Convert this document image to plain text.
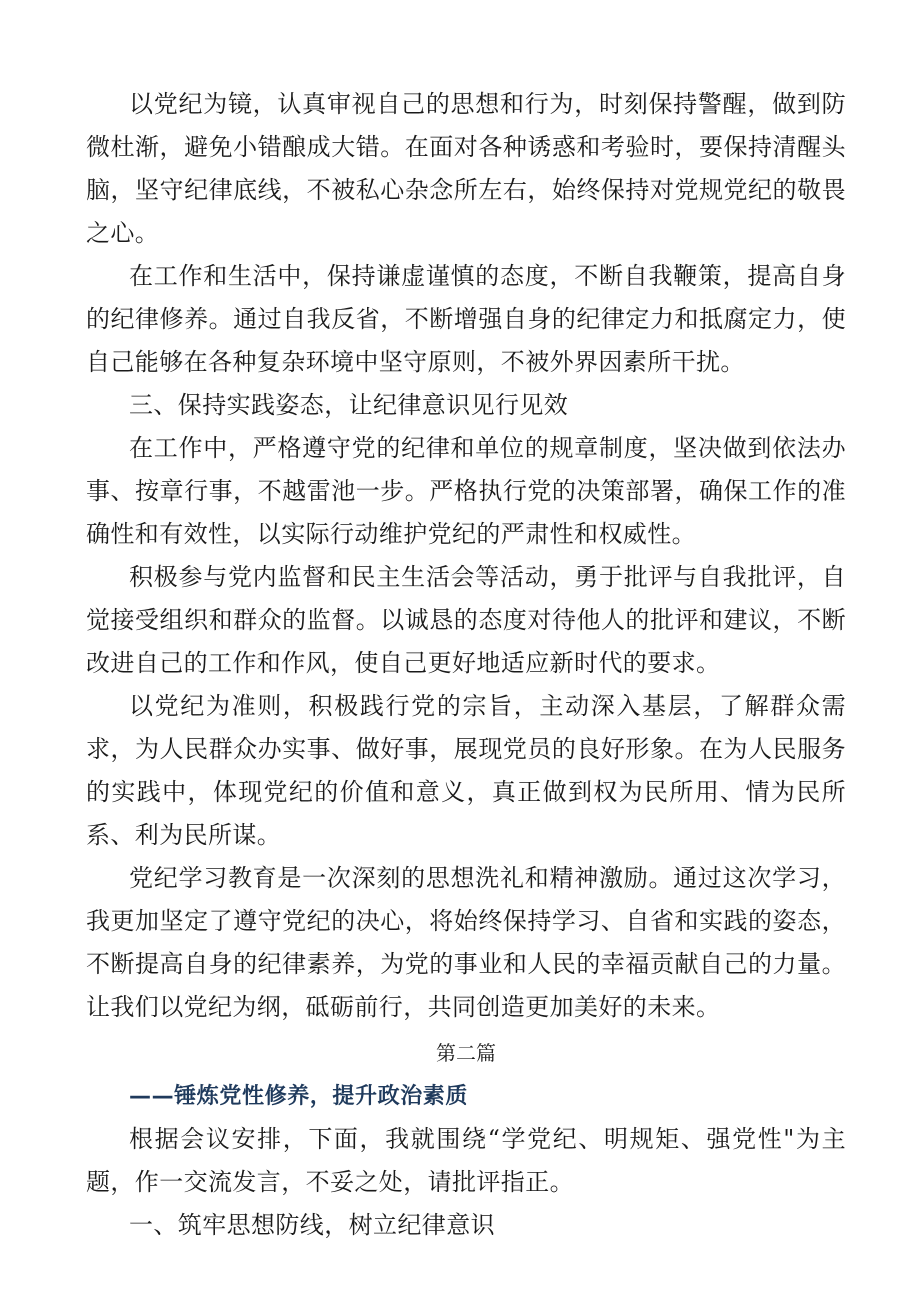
以党纪为镜，认真审视自己的思想和行为，时刻保持警醒，做到防微杜渐，避免小错酿成大错。在面对各种诱惑和考验时，要保持清醒头脑，坚守纪律底线，不被私心杂念所左右，始终保持对党规党纪的敬畏之心。

在工作和生活中，保持谦虚谨慎的态度，不断自我鞭策，提高自身的纪律修养。通过自我反省，不断增强自身的纪律定力和抵腐定力，使自己能够在各种复杂环境中坚守原则，不被外界因素所干扰。

三、保持实践姿态，让纪律意识见行见效

在工作中，严格遵守党的纪律和单位的规章制度，坚决做到依法办事、按章行事，不越雷池一步。严格执行党的决策部署，确保工作的准确性和有效性，以实际行动维护党纪的严肃性和权威性。

积极参与党内监督和民主生活会等活动，勇于批评与自我批评，自觉接受组织和群众的监督。以诚恳的态度对待他人的批评和建议，不断改进自己的工作和作风，使自己更好地适应新时代的要求。

以党纪为准则，积极践行党的宗旨，主动深入基层，了解群众需求，为人民群众办实事、做好事，展现党员的良好形象。在为人民服务的实践中，体现党纪的价值和意义，真正做到权为民所用、情为民所系、利为民所谋。

党纪学习教育是一次深刻的思想洗礼和精神激励。通过这次学习，我更加坚定了遵守党纪的决心，将始终保持学习、自省和实践的姿态，不断提高自身的纪律素养，为党的事业和人民的幸福贡献自己的力量。让我们以党纪为纲，砥砺前行，共同创造更加美好的未来。

第二篇

——锤炼党性修养，提升政治素质

根据会议安排，下面，我就围绕“学党纪、明规矩、强党性"为主题，作一交流发言，不妥之处，请批评指正。

一、筑牢思想防线，树立纪律意识
